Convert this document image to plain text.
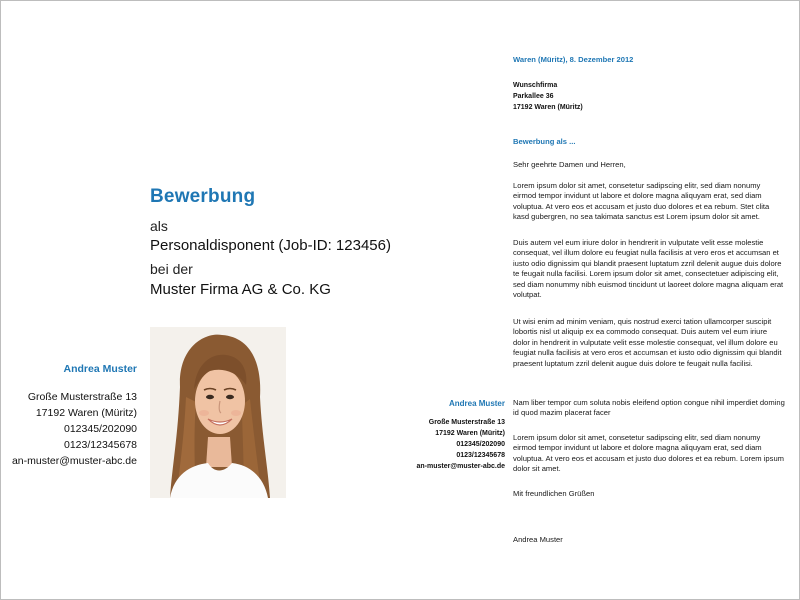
Bewerbung
als
Personaldisponent (Job-ID: 123456)
bei der
Muster Firma AG & Co. KG
Andrea Muster
Große Musterstraße 13
17192 Waren (Müritz)
012345/202090
0123/12345678
an-muster@muster-abc.de
Andrea Muster
Große Musterstraße 13
17192 Waren (Müritz)
012345/202090
0123/12345678
an-muster@muster-abc.de
Waren (Müritz), 8. Dezember 2012
Wunschfirma
Parkallee 36
17192 Waren (Müritz)
Bewerbung als ...
Sehr geehrte Damen und Herren,

Lorem ipsum dolor sit amet, consetetur sadipscing elitr, sed diam nonumy eirmod tempor invidunt ut labore et dolore magna aliquyam erat, sed diam voluptua. At vero eos et accusam et justo duo dolores et ea rebum. Stet clita kasd gubergren, no sea takimata sanctus est Lorem ipsum dolor sit amet.

Duis autem vel eum iriure dolor in hendrerit in vulputate velit esse molestie consequat, vel illum dolore eu feugiat nulla facilisis at vero eros et accumsan et iusto odio dignissim qui blandit praesent luptatum zzril delenit augue duis dolore te feugait nulla facilisi. Lorem ipsum dolor sit amet, consectetuer adipiscing elit, sed diam nonummy nibh euismod tincidunt ut laoreet dolore magna aliquam erat volutpat.

Ut wisi enim ad minim veniam, quis nostrud exerci tation ullamcorper suscipit lobortis nisl ut aliquip ex ea commodo consequat. Duis autem vel eum iriure dolor in hendrerit in vulputate velit esse molestie consequat, vel illum dolore eu feugiat nulla facilisis at vero eros et accumsan et iusto odio dignissim qui blandit praesent luptatum zzril delenit augue duis dolore te feugait nulla facilisi.

Nam liber tempor cum soluta nobis eleifend option congue nihil imperdiet doming id quod mazim placerat facer

Lorem ipsum dolor sit amet, consetetur sadipscing elitr, sed diam nonumy eirmod tempor invidunt ut labore et dolore magna aliquyam erat, sed diam voluptua. At vero eos et accusam et justo duo dolores et ea rebum. Lorem ipsum dolor sit amet.

Mit freundlichen Grüßen
Andrea Muster
